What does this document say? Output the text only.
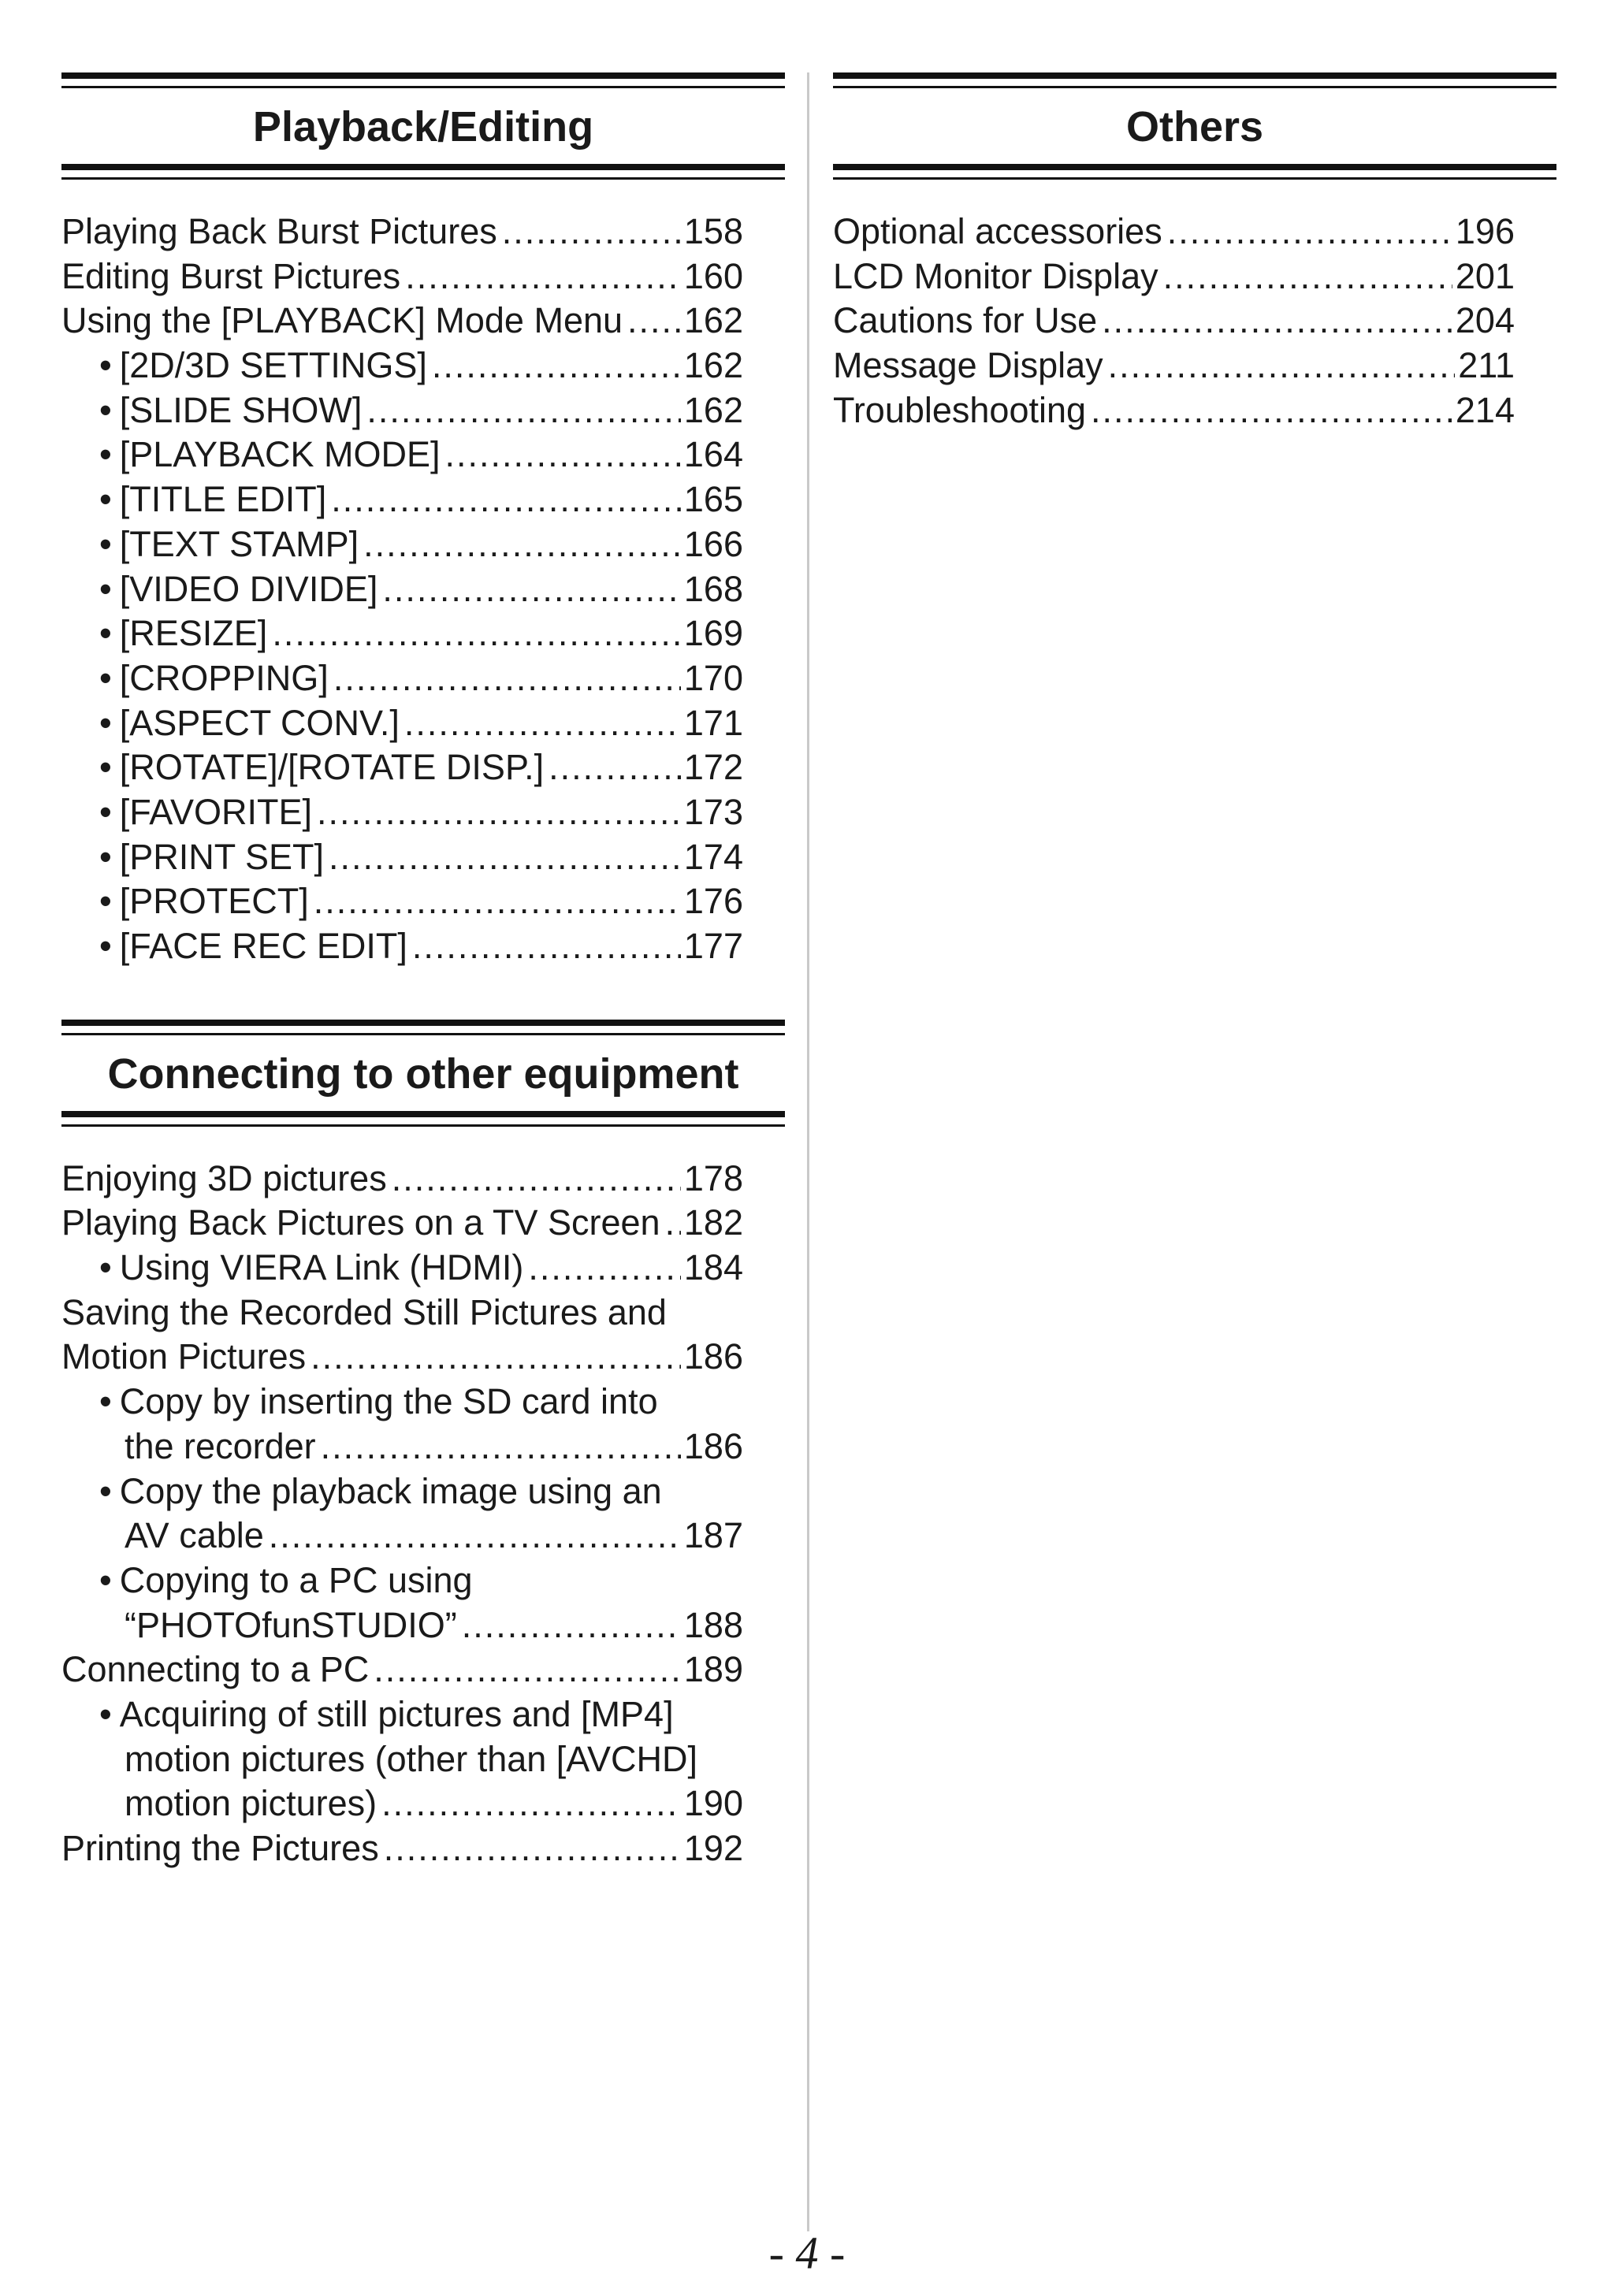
Playback/Editing
Playing Back Burst Pictures .....	158
Editing Burst Pictures .....	160
Using the [PLAYBACK] Mode Menu ..... 162
• [2D/3D SETTINGS] .....	162
• [SLIDE SHOW] .....	162
• [PLAYBACK MODE] .....	164
• [TITLE EDIT] .....	165
• [TEXT STAMP] .....	166
• [VIDEO DIVIDE] .....	168
• [RESIZE] .....	169
• [CROPPING] .....	170
• [ASPECT CONV.] .....	171
• [ROTATE]/[ROTATE DISP.] .....	172
• [FAVORITE] .....	173
• [PRINT SET] .....	174
• [PROTECT] .....	176
• [FACE REC EDIT] .....	177
Connecting to other equipment
Enjoying 3D pictures .....	178
Playing Back Pictures on a TV Screen ..... 182
• Using VIERA Link (HDMI) .....	184
Saving the Recorded Still Pictures and
Motion Pictures .....	186
• Copy by inserting the SD card into
the recorder .....	186
• Copy the playback image using an
AV cable .....	187
• Copying to a PC using
“PHOTOfunSTUDIO” .....	188
Connecting to a PC .....	189
• Acquiring of still pictures and [MP4]
motion pictures (other than [AVCHD]
motion pictures) .....	190
Printing the Pictures .....	192
Others
Optional accessories .....	196
LCD Monitor Display .....	201
Cautions for Use .....	204
Message Display .....	211
Troubleshooting .....	214
- 4 -
